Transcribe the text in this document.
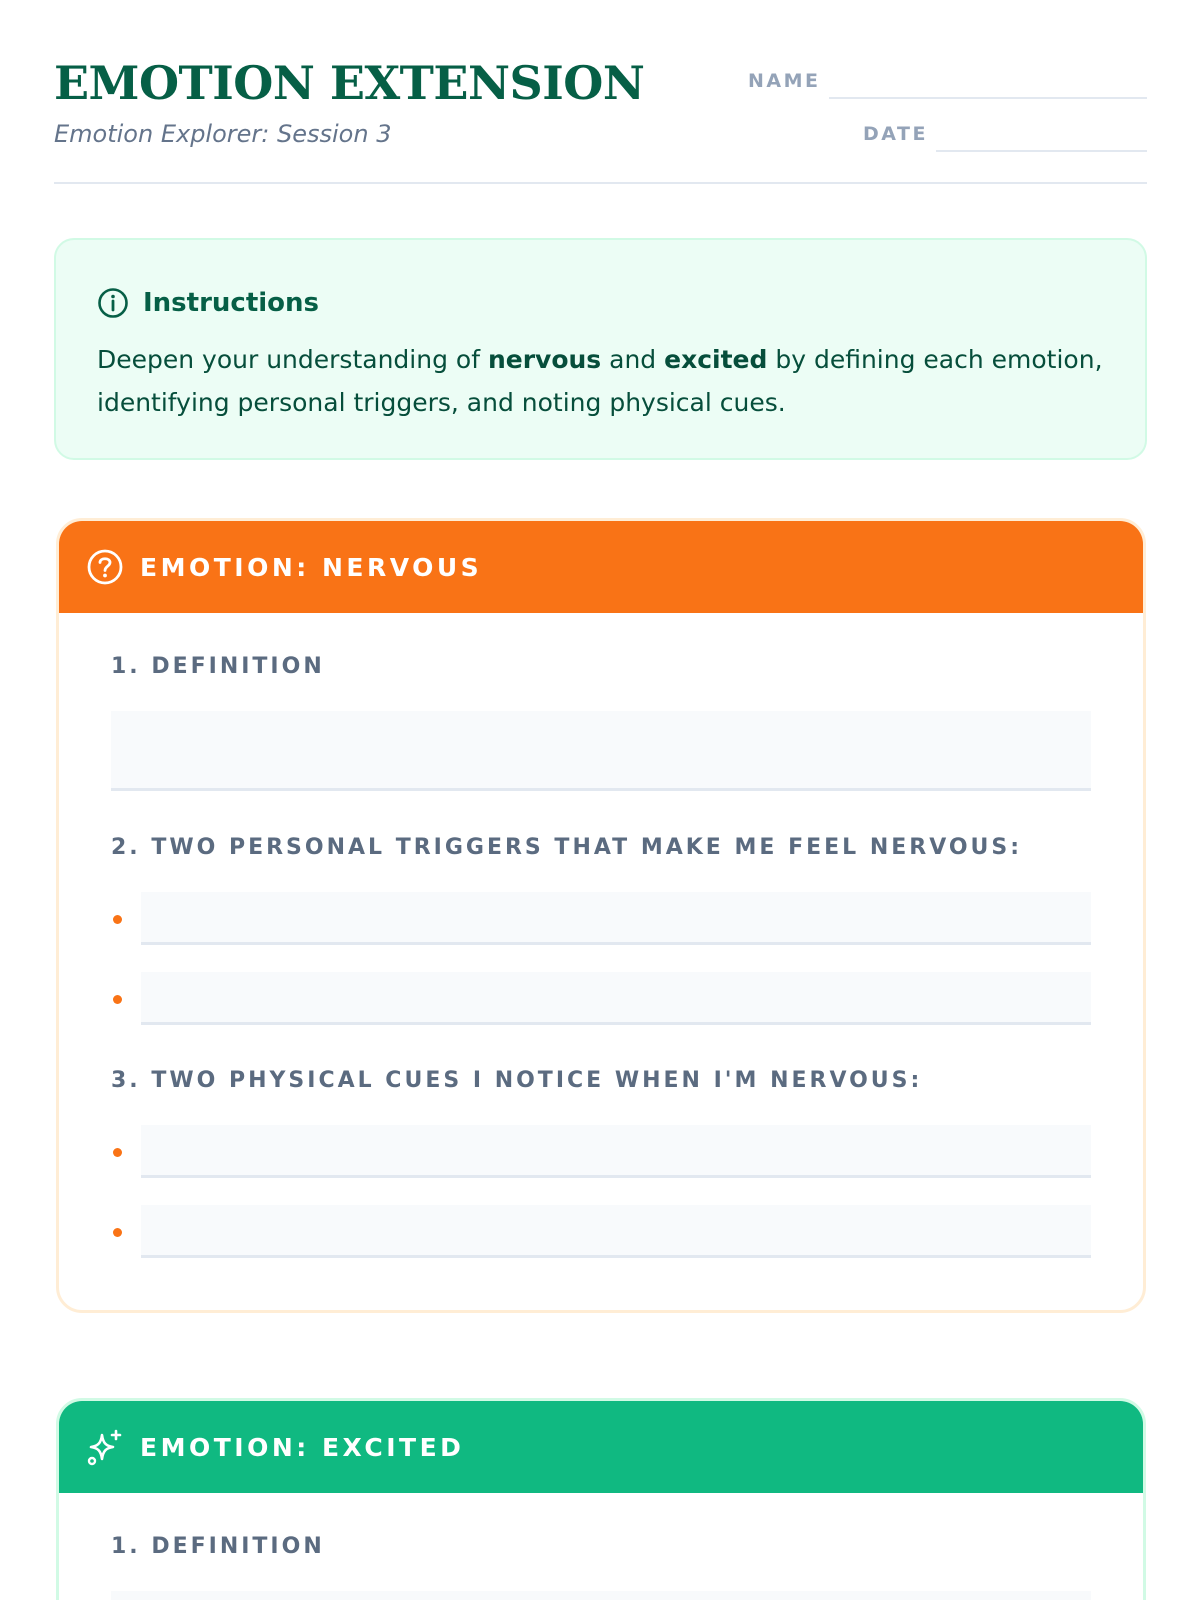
EMOTION EXTENSION
Emotion Explorer: Session 3
NAME
DATE
Instructions
Deepen your understanding of nervous and excited by defining each emotion, identifying personal triggers, and noting physical cues.
EMOTION: NERVOUS
1. DEFINITION
2. TWO PERSONAL TRIGGERS THAT MAKE ME FEEL NERVOUS:
3. TWO PHYSICAL CUES I NOTICE WHEN I'M NERVOUS:
EMOTION: EXCITED
1. DEFINITION
